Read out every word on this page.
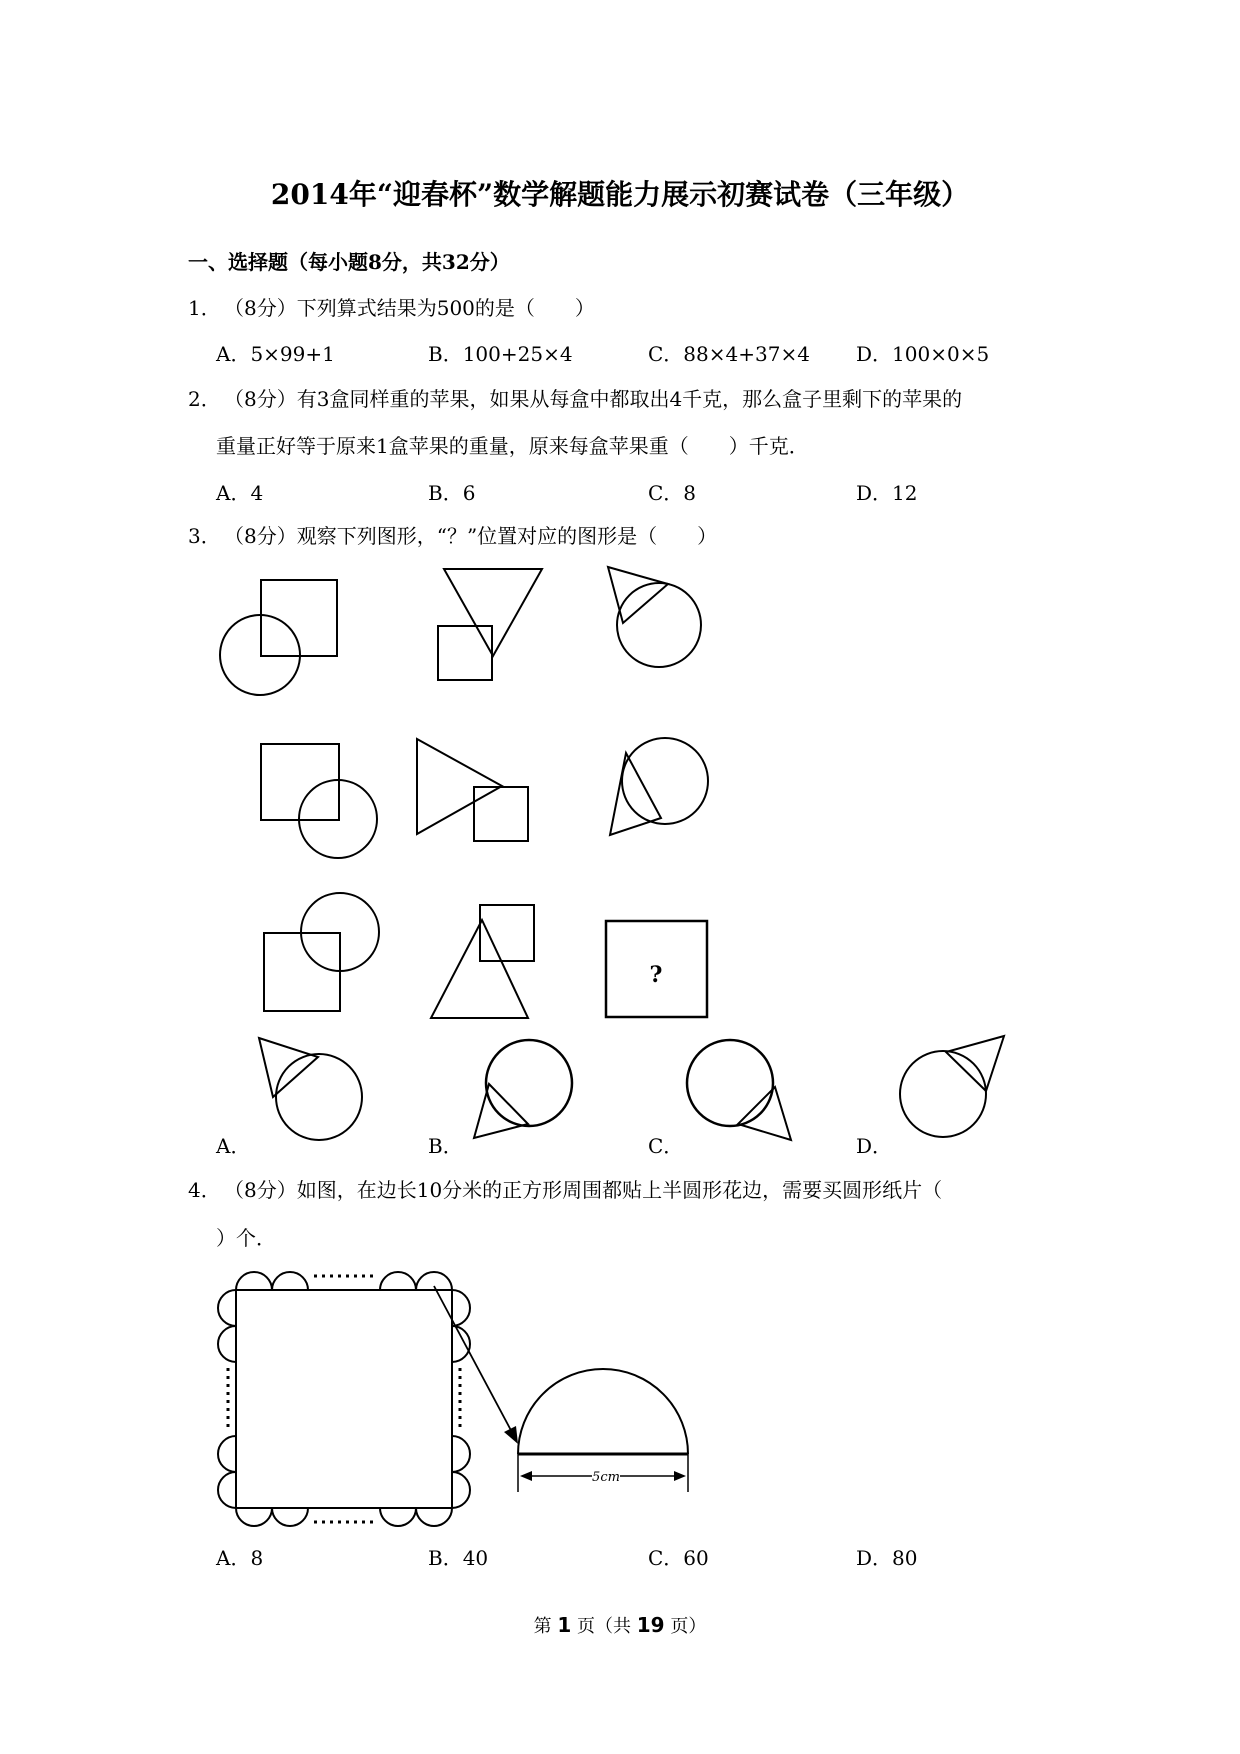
2014年“迎春杯”数学解题能力展示初赛试卷（三年级）
一、选择题（每小题8分，共32分）
1． （8分）下列算式结果为500的是（　　）
A．5×99+1	B．100+25×4	C．88×4+37×4 D．100×0×5
2． （8分）有3盒同样重的苹果，如果从每盒中都取出4千克，那么盒子里剩下的苹果的
重量正好等于原来1盒苹果的重量，原来每盒苹果重（　　）千克．
A．4	B．6	C．8	D．12
3． （8分）观察下列图形，“？”位置对应的图形是（　　）
?
5cm
A．	B．	C．	D．
4． （8分）如图，在边长10分米的正方形周围都贴上半圆形花边，需要买圆形纸片（
）个．
A．8	B．40	C．60	D．80
第 1 页（共 19 页）
